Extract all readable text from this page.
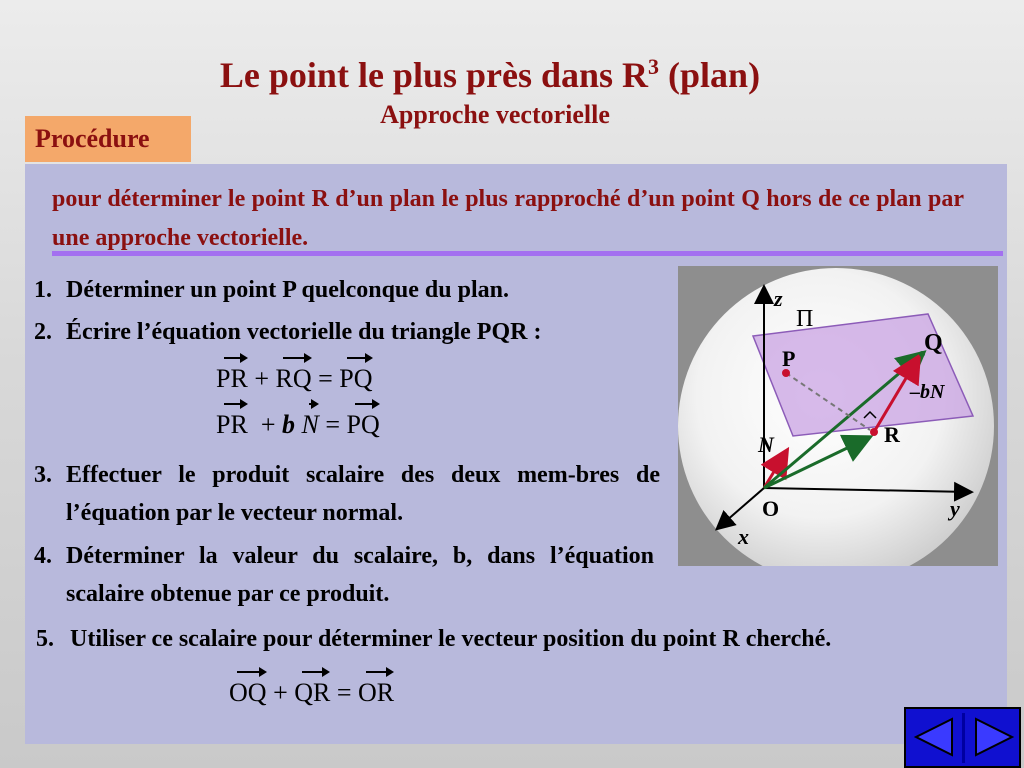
Le point le plus près dans $R^3$ (plan)
Approche vectorielle
Procédure
pour déterminer le point R d’un plan le plus rapproché d’un point Q hors de ce plan par une approche vectorielle.
1. Déterminer un point P quelconque du plan.
2. Écrire l’équation vectorielle du triangle PQR :
PR + RQ = PQ
PR  + b N = PQ
3. Effectuer le produit scalaire des deux mem-bres de l’équation par le vecteur normal.
4. Déterminer la valeur du scalaire, b, dans l’équation scalaire obtenue par ce produit.
5. Utiliser ce scalaire pour déterminer le vecteur position du point R cherché.
OQ + QR = OR
z
Π
P
Q
–bN
R
N
O	y
x
